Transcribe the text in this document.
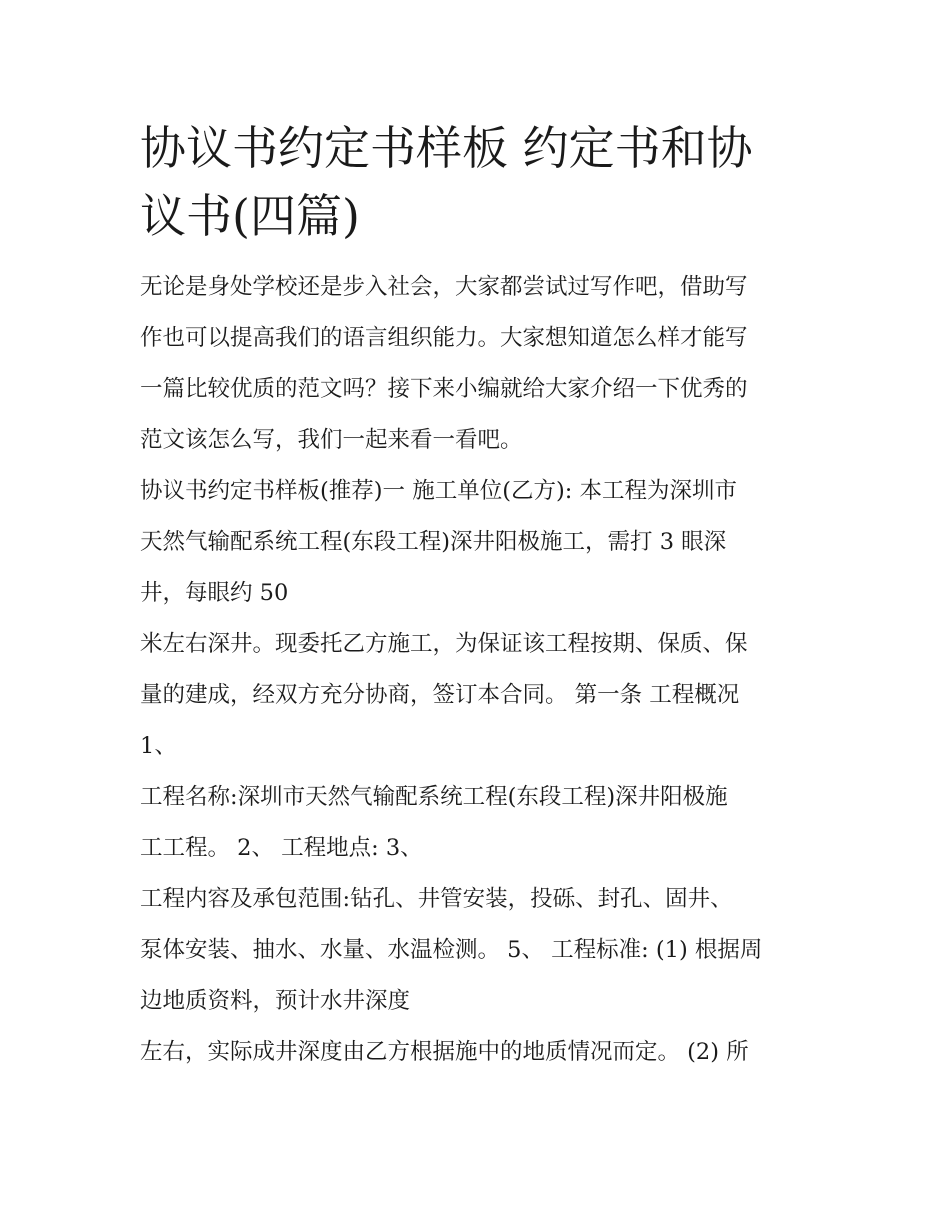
协议书约定书样板 约定书和协
议书(四篇)
无论是身处学校还是步入社会，大家都尝试过写作吧，借助写
作也可以提高我们的语言组织能力。大家想知道怎么样才能写
一篇比较优质的范文吗？接下来小编就给大家介绍一下优秀的
范文该怎么写，我们一起来看一看吧。
协议书约定书样板(推荐)一 施工单位(乙方): 本工程为深圳市
天然气输配系统工程(东段工程)深井阳极施工，需打 3 眼深
井，每眼约 50
米左右深井。现委托乙方施工，为保证该工程按期、保质、保
量的建成，经双方充分协商，签订本合同。 第一条 工程概况
1、
工程名称:深圳市天然气输配系统工程(东段工程)深井阳极施
工工程。 2、 工程地点: 3、
工程内容及承包范围:钻孔、井管安装，投砾、封孔、固井、
泵体安装、抽水、水量、水温检测。 5、 工程标准: (1) 根据周
边地质资料，预计水井深度
左右，实际成井深度由乙方根据施中的地质情况而定。 (2) 所
